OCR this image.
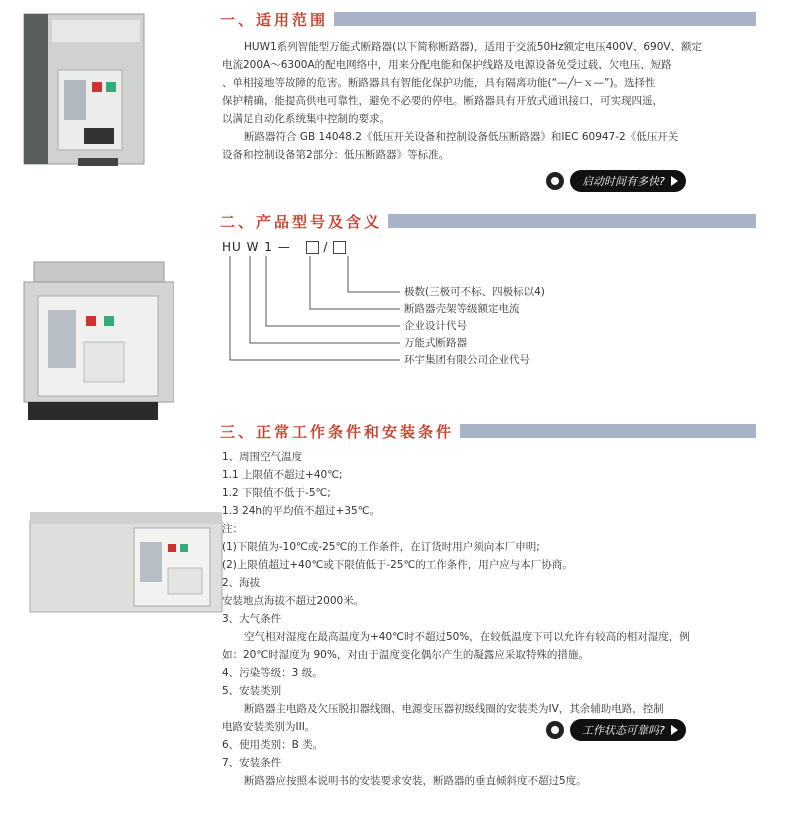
一、适用范围

HUW1系列智能型万能式断路器(以下简称断路器)，适用于交流50Hz额定电压400V、690V、额定

电流200A～6300A的配电网络中，用来分配电能和保护线路及电源设备免受过载、欠电压、短路

、单相接地等故障的危害。断路器具有智能化保护功能，具有隔离功能(“—╱⊢ｘ—”)。选择性

保护精确，能提高供电可靠性，避免不必要的停电。断路器具有开放式通讯接口，可实现四遥，

以满足自动化系统集中控制的要求。

断路器符合 GB 14048.2《低压开关设备和控制设备低压断路器》和IEC 60947-2《低压开关

设备和控制设备第2部分：低压断路器》等标准。

启动时间有多快?
二、产品型号及含义
HU W 1 —	/
极数(三极可不标、四极标以4)
断路器壳架等级额定电流
企业设计代号
万能式断路器
环宇集团有限公司企业代号
三、正常工作条件和安装条件

1、周围空气温度

1.1 上限值不超过+40℃;

1.2 下限值不低于-5℃;

1.3 24h的平均值不超过+35℃。

注：

(1)下限值为-10℃或-25℃的工作条件，在订货时用户须向本厂申明;

(2)上限值超过+40℃或下限值低于-25℃的工作条件，用户应与本厂协商。

2、海拔

安装地点海拔不超过2000米。

3、大气条件

空气相对湿度在最高温度为+40℃时不超过50%，在较低温度下可以允许有较高的相对湿度，例

如：20℃时湿度为 90%，对由于温度变化偶尔产生的凝露应采取特殊的措施。

4、污染等级：3 级。

5、安装类别

断路器主电路及欠压脱扣器线圈、电源变压器初级线圈的安装类为IV，其余辅助电路，控制

电路安装类别为III。

6、使用类别：B 类。

7、安装条件

断路器应按照本说明书的安装要求安装，断路器的垂直倾斜度不超过5度。

工作状态可靠吗?
